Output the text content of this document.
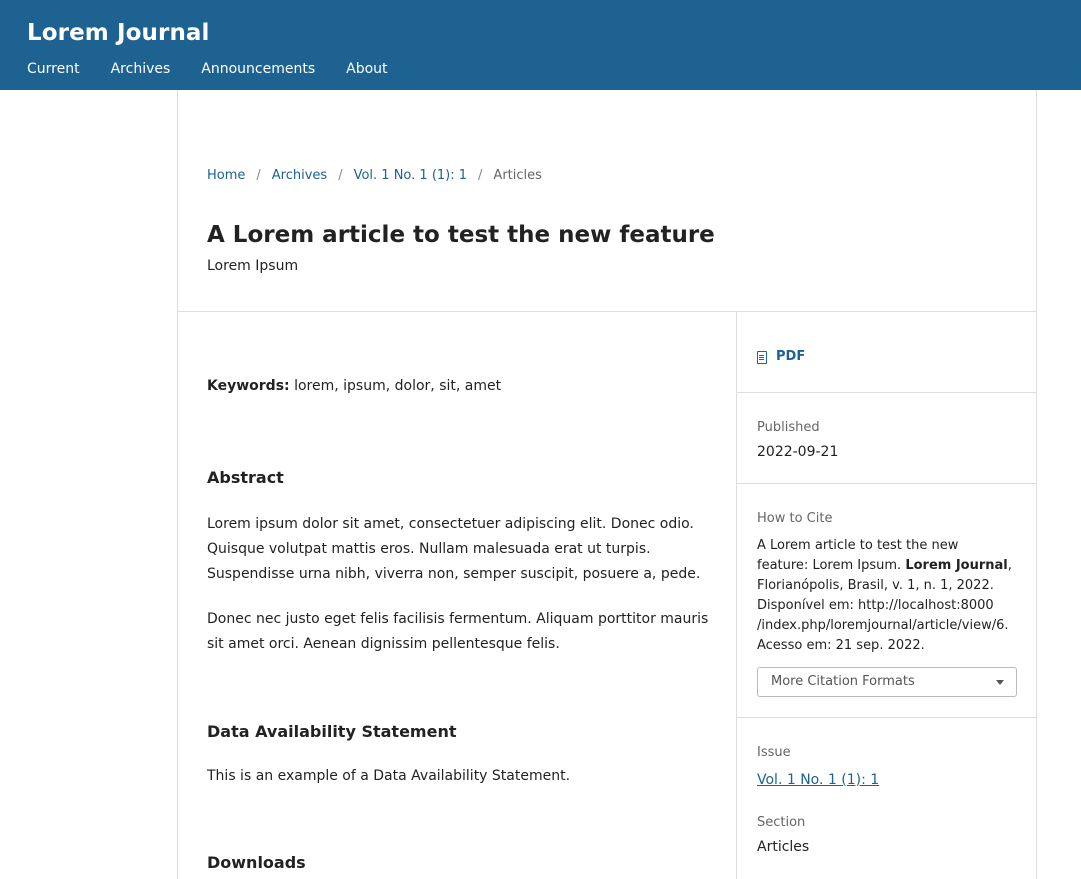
Lorem Journal
Current Archives Announcements About
Home / Archives / Vol. 1 No. 1 (1): 1 / Articles
A Lorem article to test the new feature
Lorem Ipsum
Keywords: lorem, ipsum, dolor, sit, amet
Abstract

Lorem ipsum dolor sit amet, consectetuer adipiscing elit. Donec odio. Quisque volutpat mattis eros. Nullam malesuada erat ut turpis. Suspendisse urna nibh, viverra non, semper suscipit, posuere a, pede.

Donec nec justo eget felis facilisis fermentum. Aliquam porttitor mauris sit amet orci. Aenean dignissim pellentesque felis.

Data Availability Statement

This is an example of a Data Availability Statement.

Downloads
PDF
Published
2022-09-21
How to Cite
A Lorem article to test the new feature: Lorem Ipsum. Lorem Journal, Florianópolis, Brasil, v. 1, n. 1, 2022. Disponível em: http://localhost:8000 /index.php/loremjournal/article/view/6. Acesso em: 21 sep. 2022.
More Citation Formats
Issue
Vol. 1 No. 1 (1): 1
Section
Articles
